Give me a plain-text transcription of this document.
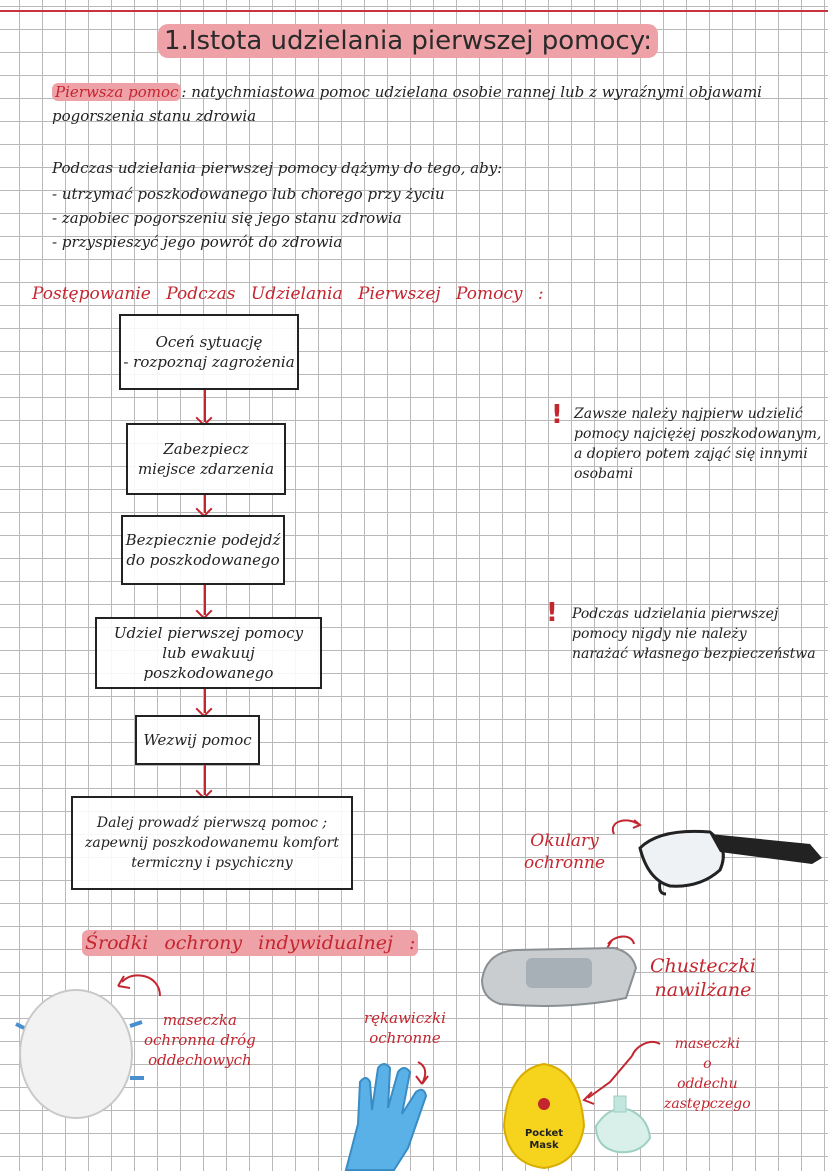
1.Istota udzielania pierwszej pomocy:
Pierwsza pomoc : natychmiastowa pomoc udzielana osobie rannej lub z wyraźnymi objawami
pogorszenia stanu zdrowia
Podczas udzielania pierwszej pomocy dążymy do tego, aby:
- utrzymać poszkodowanego lub chorego przy życiu
- zapobiec pogorszeniu się jego stanu zdrowia
- przyspieszyć jego powrót do zdrowia
Postępowanie Podczas Udzielania Pierwszej Pomocy :
Oceń sytuację
- rozpoznaj zagrożenia
Zabezpiecz
miejsce zdarzenia
Bezpiecznie podejdź
do poszkodowanego
Udziel pierwszej pomocy
lub ewakuuj poszkodowanego
Wezwij pomoc
Dalej prowadź pierwszą pomoc ;
zapewnij poszkodowanemu komfort
termiczny i psychiczny
! Zawsze należy najpierw udzielić
pomocy najciężej poszkodowanym,
a dopiero potem zająć się innymi
osobami
! Podczas udzielania pierwszej
pomocy nigdy nie należy
narażać własnego bezpieczeństwa
Środki ochrony indywidualnej :
Okulary
ochronne
Chusteczki
nawilżane
maseczka
ochronna dróg
oddechowych
rękawiczki
ochronne
Pocket
Mask
maseczki
o
oddechu
zastępczego
